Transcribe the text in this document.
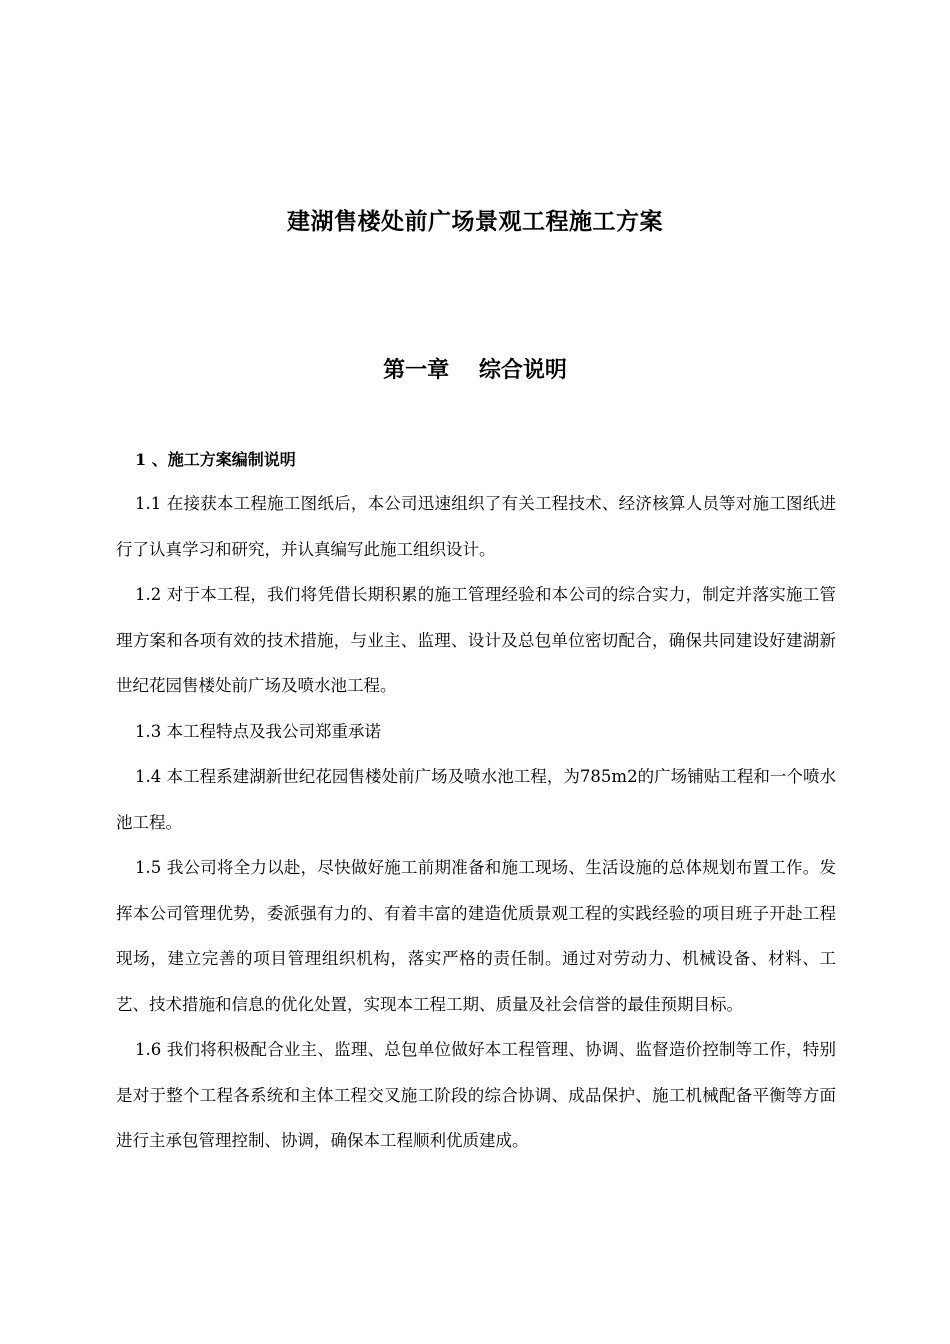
建湖售楼处前广场景观工程施工方案
第一章　 综合说明
1 、施工方案编制说明

1.1 在接获本工程施工图纸后，本公司迅速组织了有关工程技术、经济核算人员等对施工图纸进行了认真学习和研究，并认真编写此施工组织设计。

1.2 对于本工程，我们将凭借长期积累的施工管理经验和本公司的综合实力，制定并落实施工管理方案和各项有效的技术措施，与业主、监理、设计及总包单位密切配合，确保共同建设好建湖新世纪花园售楼处前广场及喷水池工程。

1.3 本工程特点及我公司郑重承诺

1.4 本工程系建湖新世纪花园售楼处前广场及喷水池工程，为785m2的广场铺贴工程和一个喷水池工程。

1.5 我公司将全力以赴，尽快做好施工前期准备和施工现场、生活设施的总体规划布置工作。发挥本公司管理优势，委派强有力的、有着丰富的建造优质景观工程的实践经验的项目班子开赴工程现场，建立完善的项目管理组织机构，落实严格的责任制。通过对劳动力、机械设备、材料、工艺、技术措施和信息的优化处置，实现本工程工期、质量及社会信誉的最佳预期目标。

1.6 我们将积极配合业主、监理、总包单位做好本工程管理、协调、监督造价控制等工作，特别是对于整个工程各系统和主体工程交叉施工阶段的综合协调、成品保护、施工机械配备平衡等方面进行主承包管理控制、协调，确保本工程顺利优质建成。
